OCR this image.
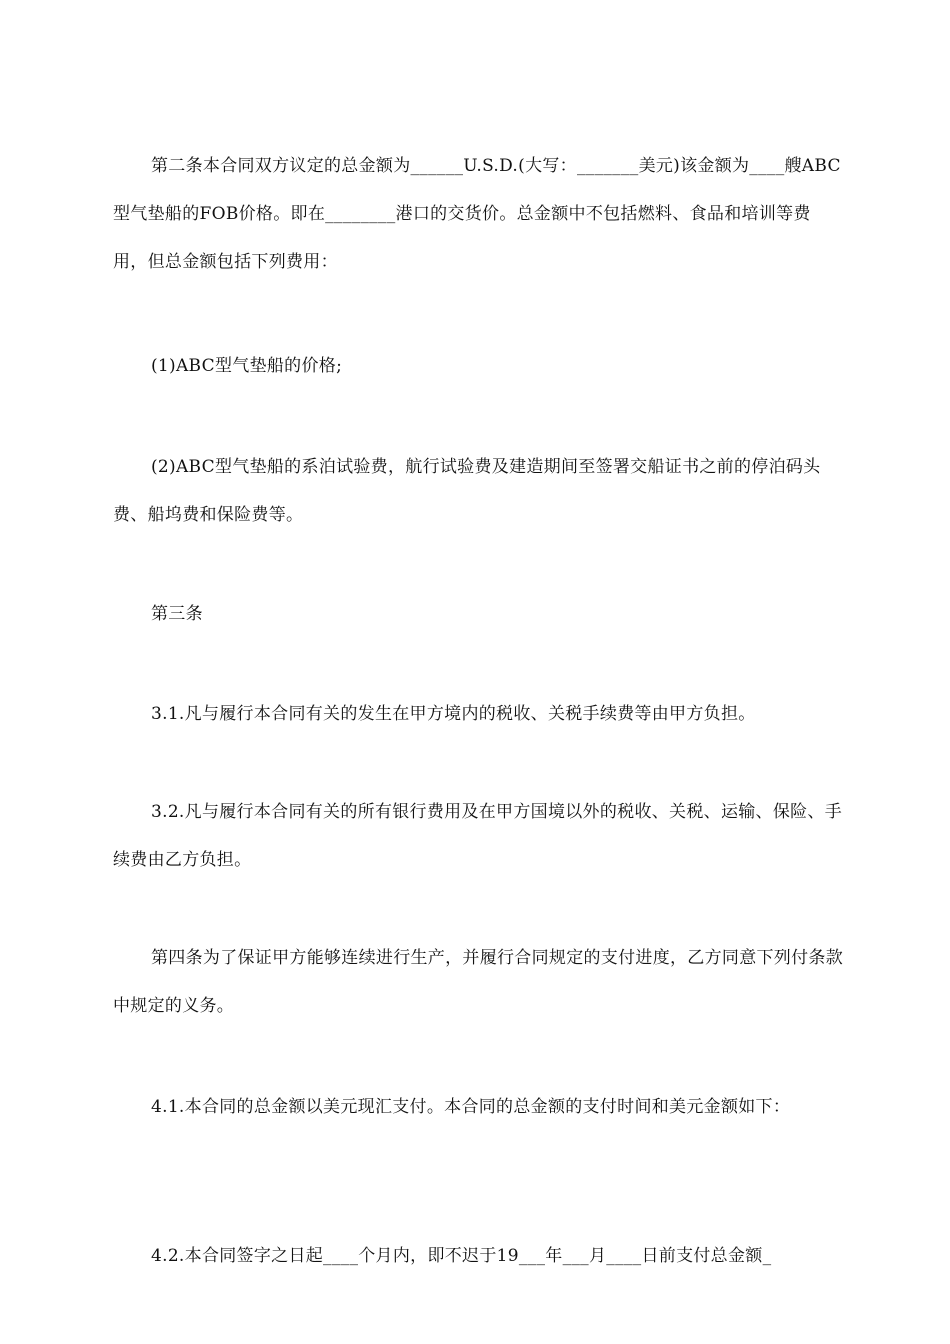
第二条本合同双方议定的总金额为______U.S.D.(大写：_______美元)该金额为____艘ABC型气垫船的FOB价格。即在________港口的交货价。总金额中不包括燃料、食品和培训等费用，但总金额包括下列费用：

(1)ABC型气垫船的价格;

(2)ABC型气垫船的系泊试验费，航行试验费及建造期间至签署交船证书之前的停泊码头费、船坞费和保险费等。

第三条

3.1.凡与履行本合同有关的发生在甲方境内的税收、关税手续费等由甲方负担。

3.2.凡与履行本合同有关的所有银行费用及在甲方国境以外的税收、关税、运输、保险、手续费由乙方负担。

第四条为了保证甲方能够连续进行生产，并履行合同规定的支付进度，乙方同意下列付条款中规定的义务。

4.1.本合同的总金额以美元现汇支付。本合同的总金额的支付时间和美元金额如下：

4.2.本合同签字之日起____个月内，即不迟于19___年___月____日前支付总金额_
